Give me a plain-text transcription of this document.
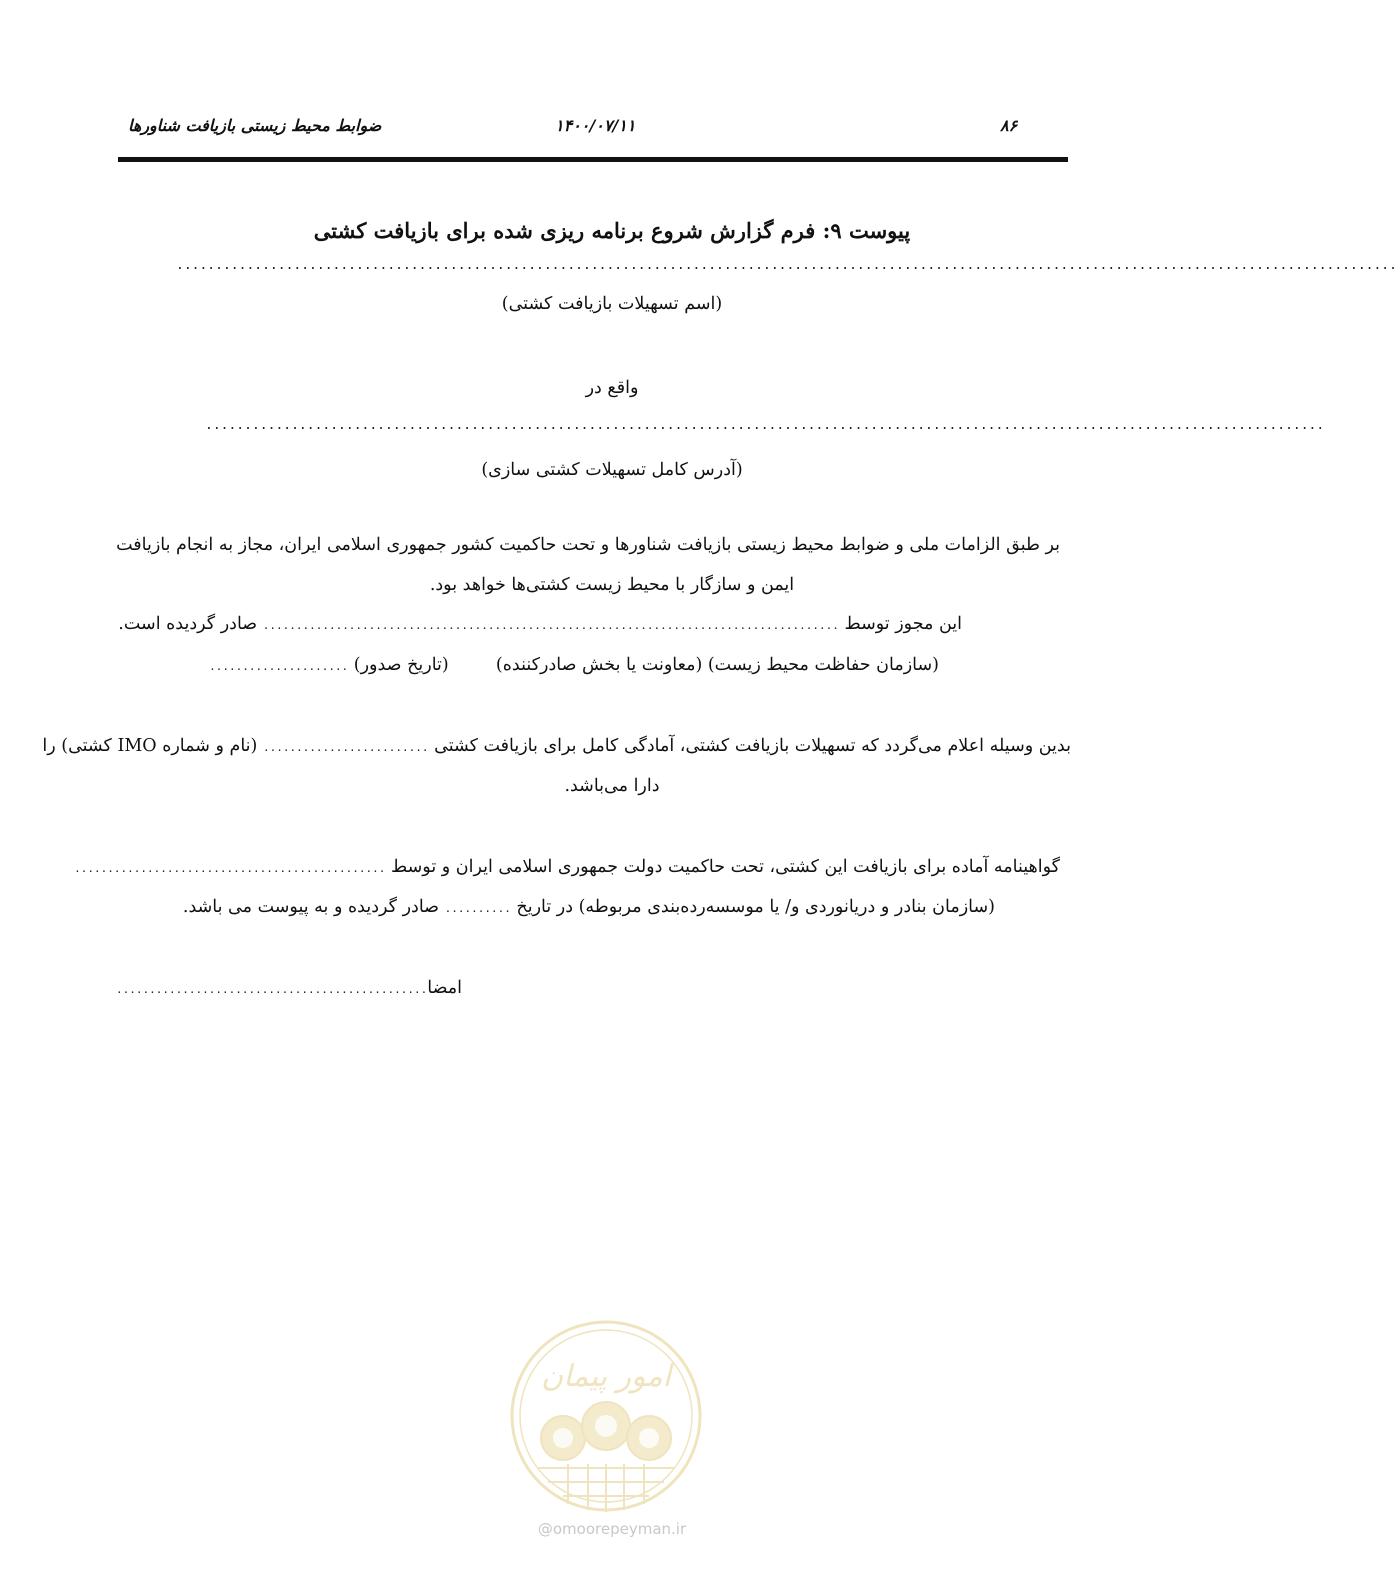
ضوابط محیط زیستی بازیافت شناورها	۱۴۰۰/۰۷/۱۱	۸۶
پیوست ۹: فرم گزارش شروع برنامه ریزی شده برای بازیافت کشتی
............................................................................................................................................................
(اسم تسهیلات بازیافت کشتی)
واقع در
...............................................................................................................................................
(آدرس کامل تسهیلات کشتی سازی)
بر طبق الزامات ملی و ضوابط محیط زیستی بازیافت شناورها و تحت حاکمیت کشور جمهوری اسلامی ایران، مجاز به انجام بازیافت
ایمن و سازگار با محیط زیست کشتی‌ها خواهد بود.
این مجوز توسط ....................................................................................... صادر گردیده است.
(سازمان حفاظت محیط زیست) (معاونت یا بخش صادرکننده)  (تاریخ صدور) .....................
بدین وسیله اعلام می‌گردد که تسهیلات بازیافت کشتی، آمادگی کامل برای بازیافت کشتی ......................... (نام و شماره IMO کشتی) را
دارا می‌باشد.
گواهینامه آماده برای بازیافت این کشتی، تحت حاکمیت دولت جمهوری اسلامی ایران و توسط ...............................................
(سازمان بنادر و دریانوردی و/ یا موسسه‌رده‌بندی مربوطه) در تاریخ .......... صادر گردیده و به پیوست می باشد.
امضا...............................................
امور پیمان
@omoorepeyman.ir
